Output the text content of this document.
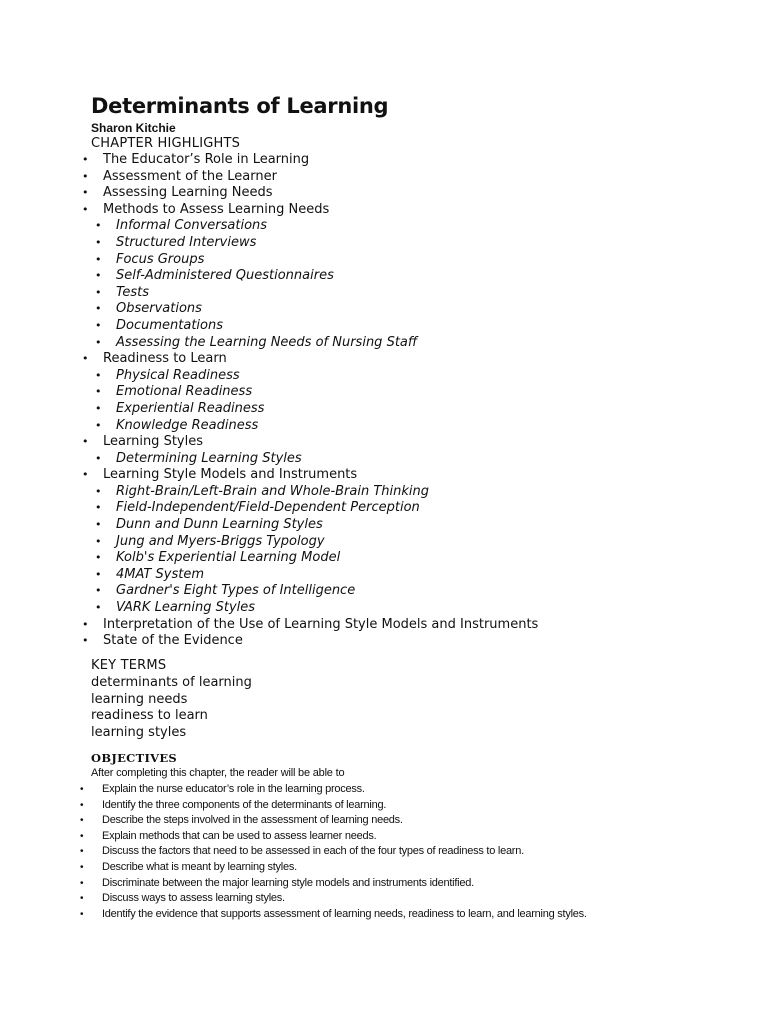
Determinants of Learning
Sharon Kitchie
CHAPTER HIGHLIGHTS
• The Educator’s Role in Learning
• Assessment of the Learner
• Assessing Learning Needs
• Methods to Assess Learning Needs
• Informal Conversations
• Structured Interviews
• Focus Groups
• Self-Administered Questionnaires
• Tests
• Observations
• Documentations
• Assessing the Learning Needs of Nursing Staff
• Readiness to Learn
• Physical Readiness
• Emotional Readiness
• Experiential Readiness
• Knowledge Readiness
• Learning Styles
• Determining Learning Styles
• Learning Style Models and Instruments
• Right-Brain/Left-Brain and Whole-Brain Thinking
• Field-Independent/Field-Dependent Perception
• Dunn and Dunn Learning Styles
• Jung and Myers-Briggs Typology
• Kolb's Experiential Learning Model
• 4MAT System
• Gardner's Eight Types of Intelligence
• VARK Learning Styles
• Interpretation of the Use of Learning Style Models and Instruments
• State of the Evidence
KEY TERMS
determinants of learning
learning needs
readiness to learn
learning styles
OBJECTIVES
After completing this chapter, the reader will be able to
• Explain the nurse educator’s role in the learning process.
• Identify the three components of the determinants of learning.
• Describe the steps involved in the assessment of learning needs.
• Explain methods that can be used to assess learner needs.
• Discuss the factors that need to be assessed in each of the four types of readiness to learn.
• Describe what is meant by learning styles.
• Discriminate between the major learning style models and instruments identified.
• Discuss ways to assess learning styles.
• Identify the evidence that supports assessment of learning needs, readiness to learn, and learning styles.
